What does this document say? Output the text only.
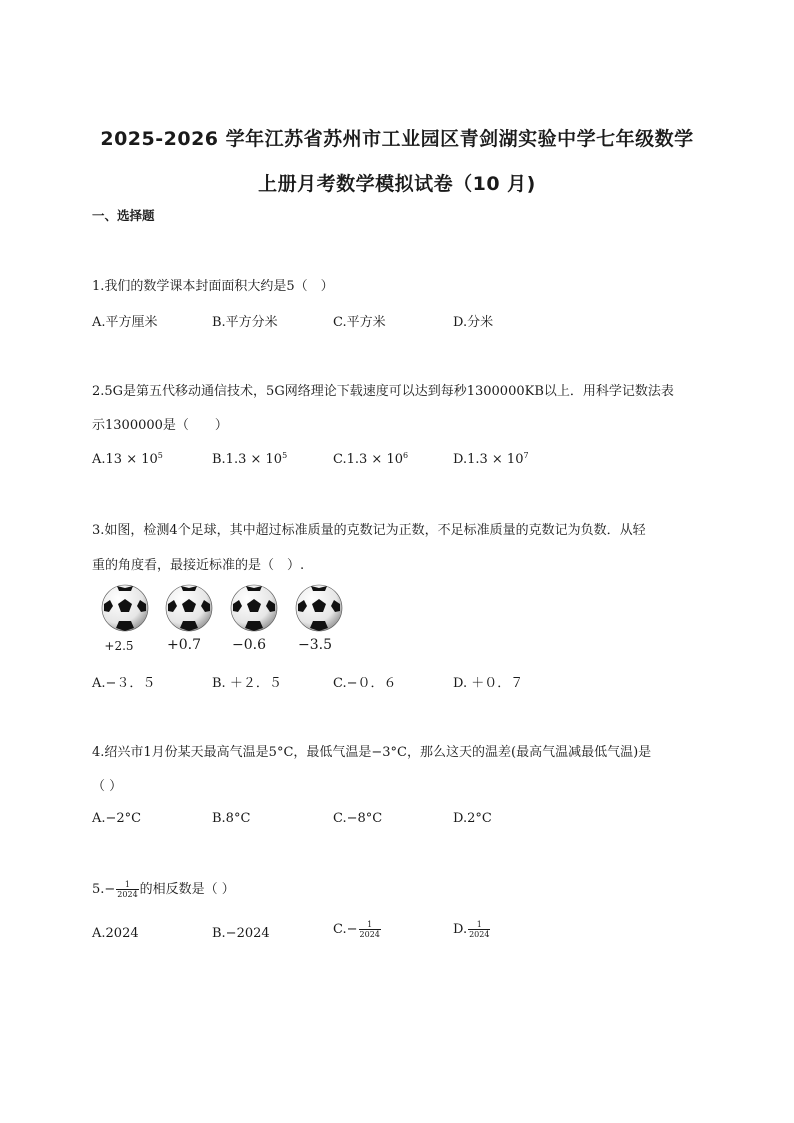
2025-2026 学年江苏省苏州市工业园区青剑湖实验中学七年级数学
上册月考数学模拟试卷（10 月)
一、选择题
1.我们的数学课本封面面积大约是5（　）
A.平方厘米	B.平方分米	C.平方米	D.分米
2.5G是第五代移动通信技术，5G网络理论下载速度可以达到每秒1300000KB以上．用科学记数法表
示1300000是（　　）
$A.13 \times 10^5$	$B.1.3 \times 10^5$	$C.1.3 \times 10^6$	$D.1.3 \times 10^7$
3.如图，检测4个足球，其中超过标准质量的克数记为正数，不足标准质量的克数记为负数．从轻
重的角度看，最接近标准的是（　）.
+2.5	+0.7	−0.6	−3.5
A.−３．５	B. ＋２．５	C.−０．６	D. ＋０．７
4.绍兴市1月份某天最高气温是5°C，最低气温是−3°C，那么这天的温差(最高气温减最低气温)是
（ ）
A.−2°C	B.8°C	C.−8°C	D.2°C
$5.- \frac{1}{2024}$ 的相反数是（ ）
A.2024	B.−2024	$C.- \frac{1}{2024}$	D. $\frac{1}{2024}$
